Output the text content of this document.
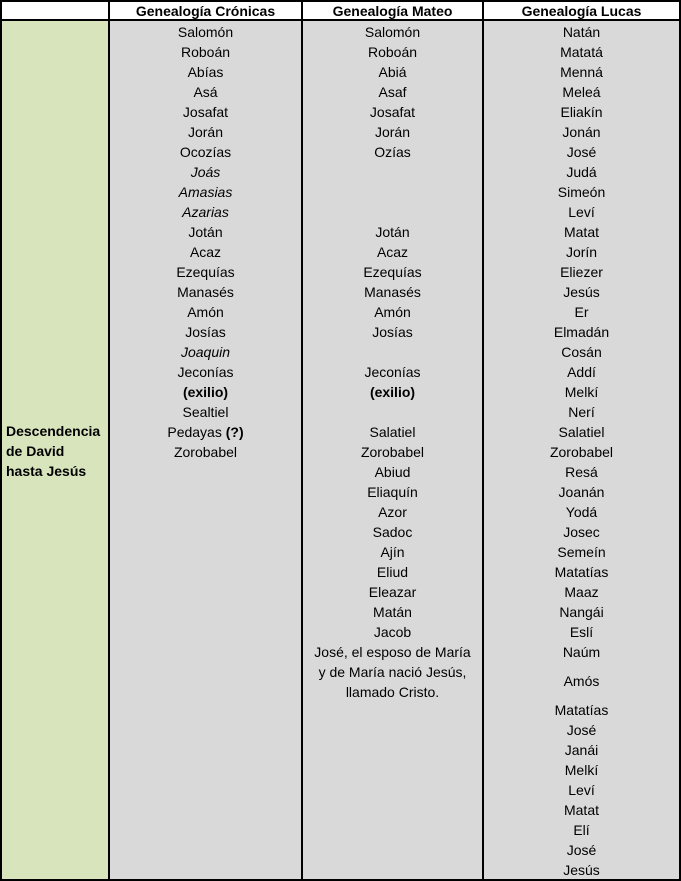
Genealogía Crónicas	Genealogía Mateo	Genealogía Lucas
Descendencia
de David
hasta Jesús
Salomón
Roboán
Abías
Asá
Josafat
Jorán
Ocozías
Joás
Amasias
Azarias
Jotán
Acaz
Ezequías
Manasés
Amón
Josías
Joaquin
Jeconías
(exilio)
Sealtiel
Pedayas (?)
Zorobabel
Salomón
Roboán
Abiá
Asaf
Josafat
Jorán
Ozías
Jotán
Acaz
Ezequías
Manasés
Amón
Josías
Jeconías
(exilio)
Salatiel
Zorobabel
Abiud
Eliaquín
Azor
Sadoc
Ajín
Eliud
Eleazar
Matán
Jacob
José, el esposo de María
y de María nació Jesús,
llamado Cristo.
Natán
Matatá
Menná
Meleá
Eliakín
Jonán
José
Judá
Simeón
Leví
Matat
Jorín
Eliezer
Jesús
Er
Elmadán
Cosán
Addí
Melkí
Nerí
Salatiel
Zorobabel
Resá
Joanán
Yodá
Josec
Semeín
Matatías
Maaz
Nangái
Eslí
Naúm
Amós
Matatías
José
Janái
Melkí
Leví
Matat
Elí
José
Jesús
